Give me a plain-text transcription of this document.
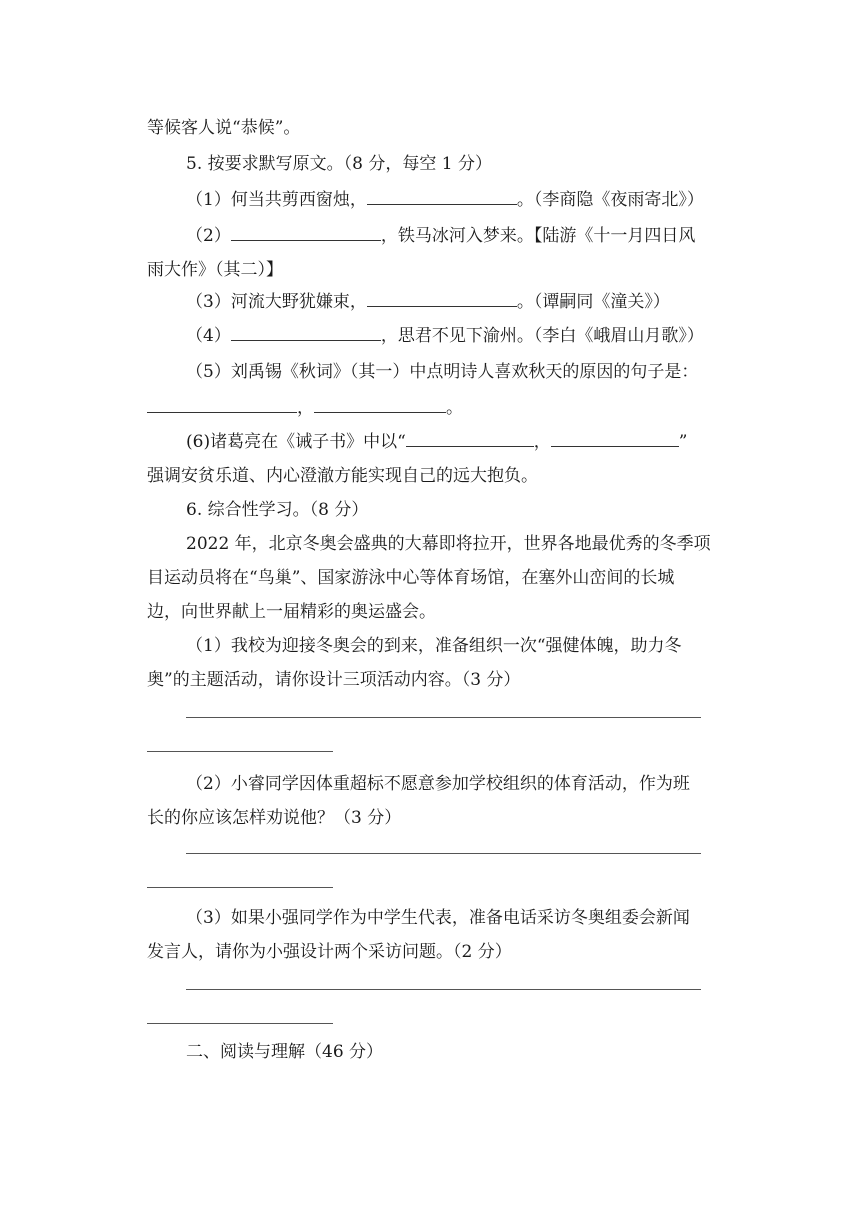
等候客人说“恭候”。
5. 按要求默写原文。（8 分，每空 1 分）
（1）何当共剪西窗烛，	。（李商隐《夜雨寄北》）
（2）	，铁马冰河入梦来。【陆游《十一月四日风
雨大作》（其二）】
（3）河流大野犹嫌束，	。（谭嗣同《潼关》）
（4）	，思君不见下渝州。（李白《峨眉山月歌》）
（5）刘禹锡《秋词》（其一）中点明诗人喜欢秋天的原因的句子是：
，	。
(6)诸葛亮在《诫子书》中以“	，	”
强调安贫乐道、内心澄澈方能实现自己的远大抱负。
6. 综合性学习。（8 分）
2022 年，北京冬奥会盛典的大幕即将拉开，世界各地最优秀的冬季项
目运动员将在“鸟巢”、国家游泳中心等体育场馆，在塞外山峦间的长城
边，向世界献上一届精彩的奥运盛会。
（1）我校为迎接冬奥会的到来，准备组织一次“强健体魄，助力冬
奥”的主题活动，请你设计三项活动内容。（3 分）
（2）小睿同学因体重超标不愿意参加学校组织的体育活动，作为班
长的你应该怎样劝说他？（3 分）
（3）如果小强同学作为中学生代表，准备电话采访冬奥组委会新闻
发言人，请你为小强设计两个采访问题。（2 分）
二、阅读与理解（46 分）
